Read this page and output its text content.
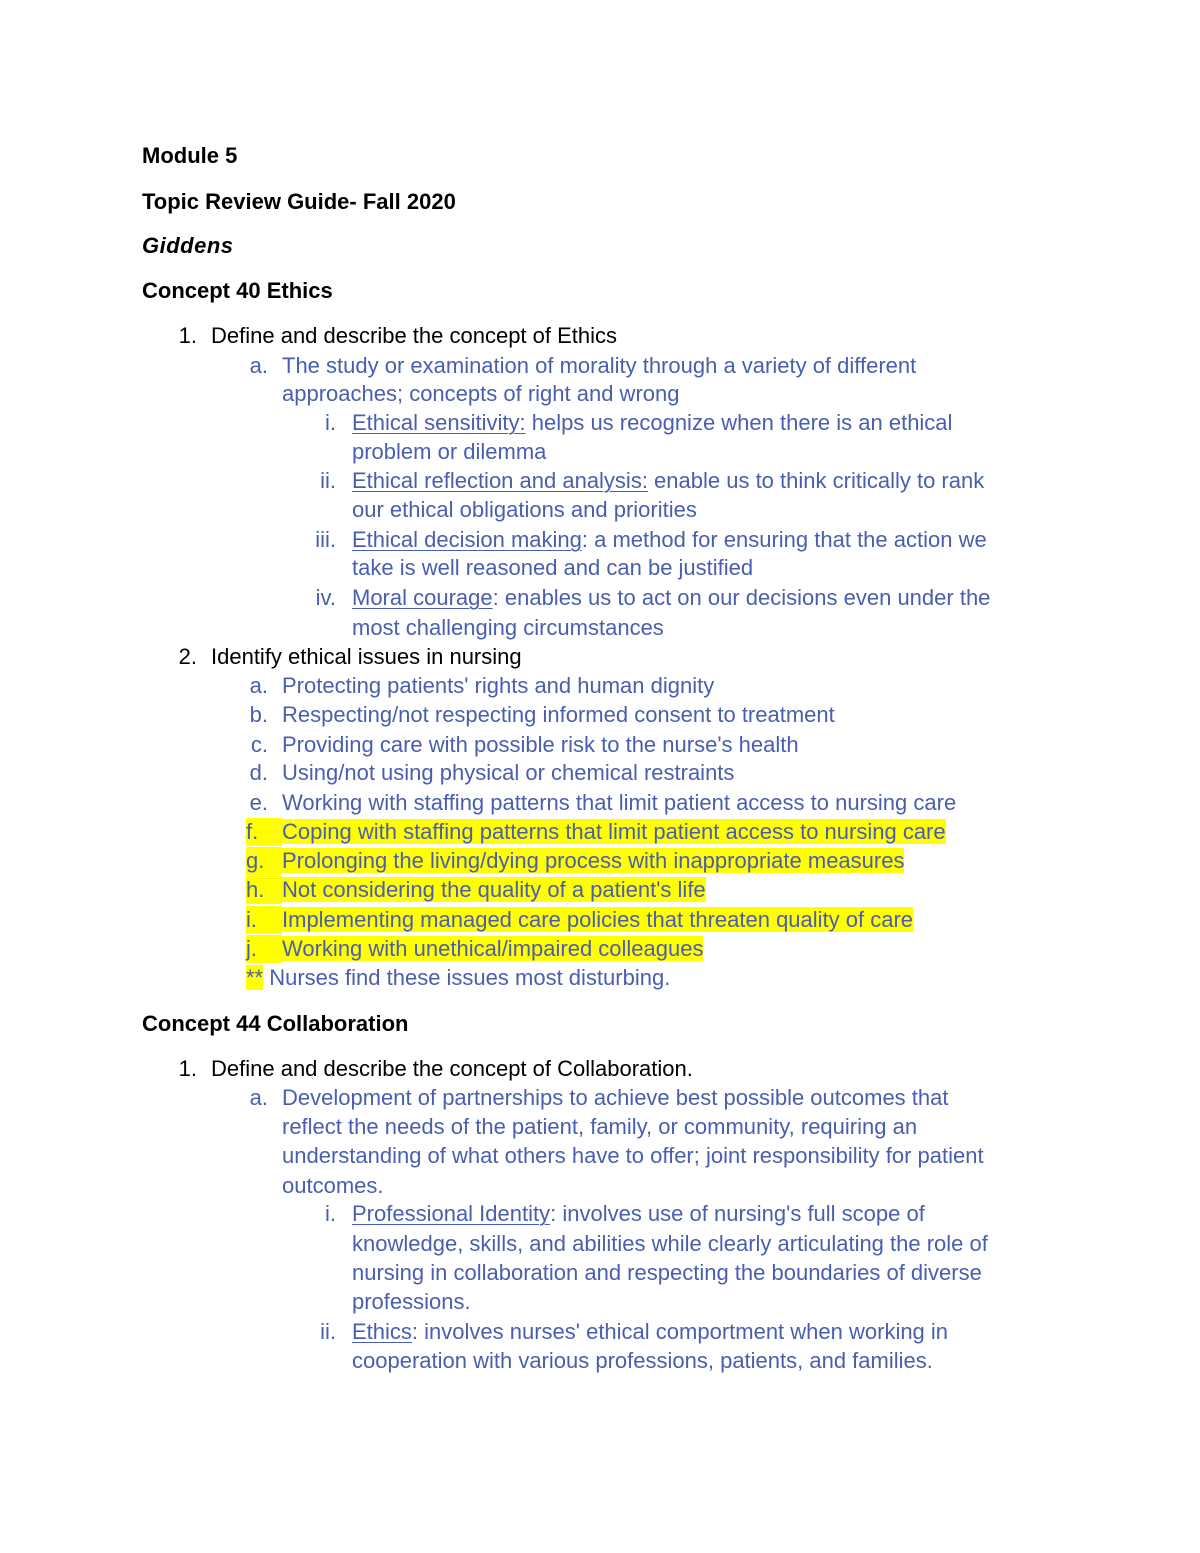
Module 5

Topic Review Guide- Fall 2020

Giddens

Concept 40 Ethics

1. Define and describe the concept of Ethics

a. The study or examination of morality through a variety of different

approaches; concepts of right and wrong

i. Ethical sensitivity: helps us recognize when there is an ethical

problem or dilemma

ii. Ethical reflection and analysis: enable us to think critically to rank

our ethical obligations and priorities

iii. Ethical decision making: a method for ensuring that the action we

take is well reasoned and can be justified

iv. Moral courage: enables us to act on our decisions even under the

most challenging circumstances

2. Identify ethical issues in nursing

a. Protecting patients' rights and human dignity

b. Respecting/not respecting informed consent to treatment

c. Providing care with possible risk to the nurse's health

d. Using/not using physical or chemical restraints

e. Working with staffing patterns that limit patient access to nursing care

f. Coping with staffing patterns that limit patient access to nursing care

g. Prolonging the living/dying process with inappropriate measures

h. Not considering the quality of a patient's life

i. Implementing managed care policies that threaten quality of care

j. Working with unethical/impaired colleagues

** Nurses find these issues most disturbing.

Concept 44 Collaboration

1. Define and describe the concept of Collaboration.

a. Development of partnerships to achieve best possible outcomes that

reflect the needs of the patient, family, or community, requiring an

understanding of what others have to offer; joint responsibility for patient

outcomes.

i. Professional Identity: involves use of nursing's full scope of

knowledge, skills, and abilities while clearly articulating the role of

nursing in collaboration and respecting the boundaries of diverse

professions.

ii. Ethics: involves nurses' ethical comportment when working in

cooperation with various professions, patients, and families.
